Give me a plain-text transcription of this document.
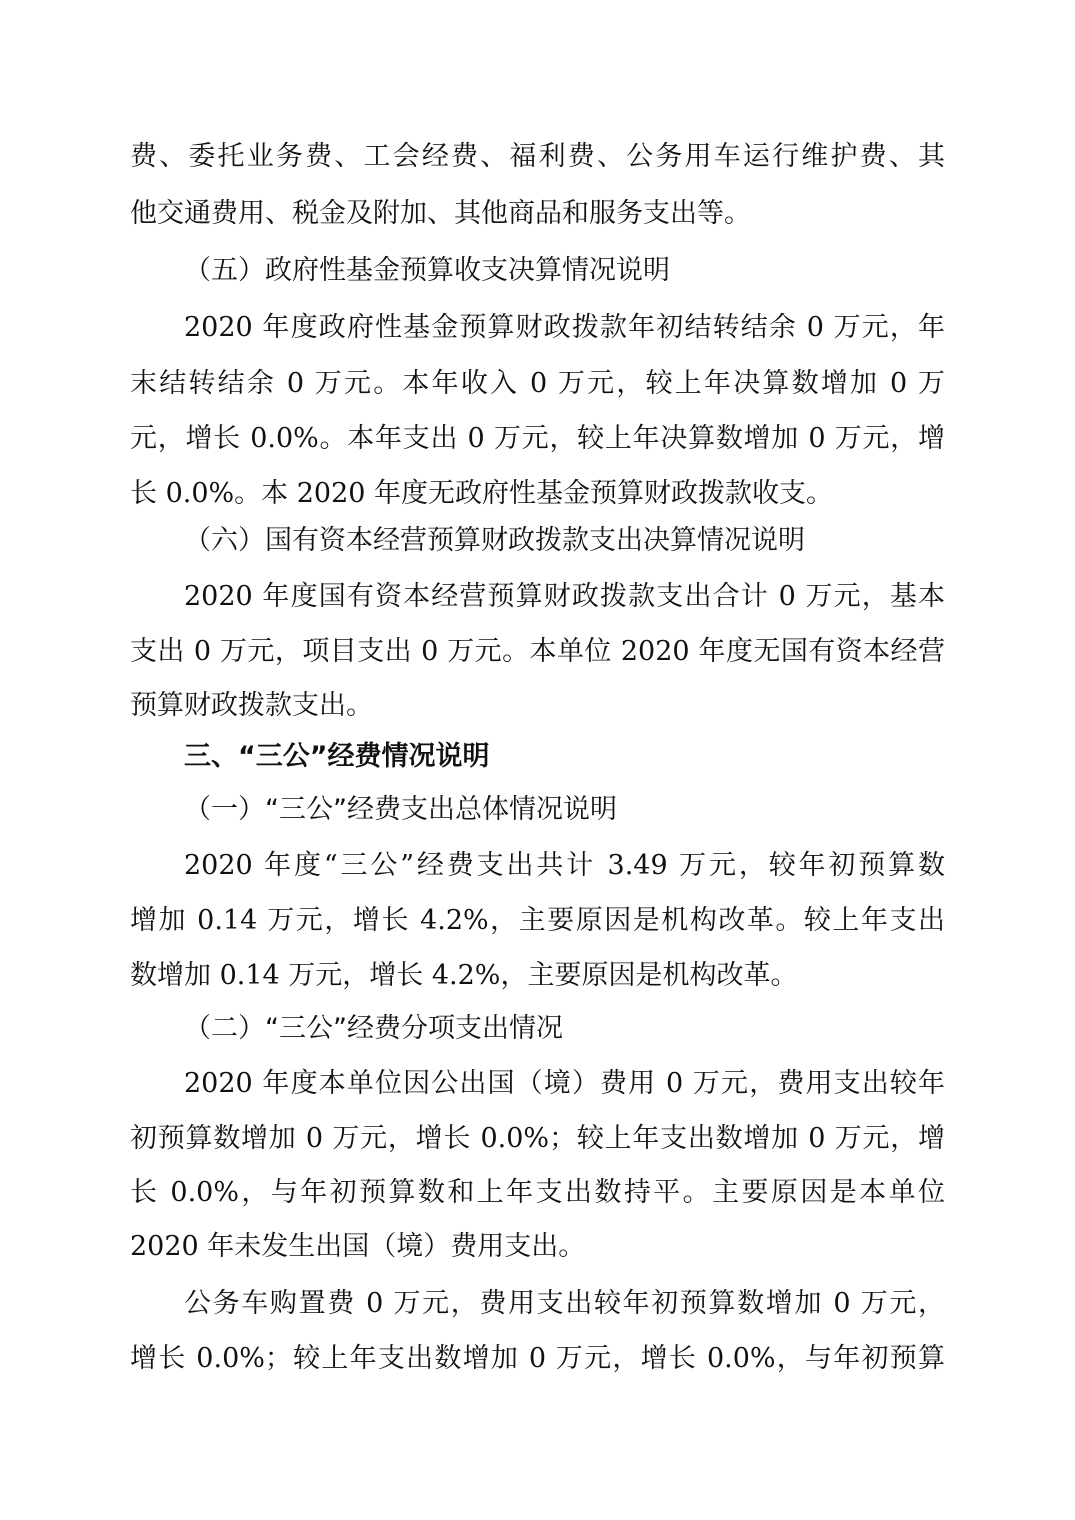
费、委托业务费、工会经费、福利费、公务用车运行维护费、其
他交通费用、税金及附加、其他商品和服务支出等。
（五）政府性基金预算收支决算情况说明
2020 年度政府性基金预算财政拨款年初结转结余 0 万元，年
末结转结余 0 万元。本年收入 0 万元，较上年决算数增加 0 万
元，增长 0.0%。本年支出 0 万元，较上年决算数增加 0 万元，增
长 0.0%。本 2020 年度无政府性基金预算财政拨款收支。
（六）国有资本经营预算财政拨款支出决算情况说明
2020 年度国有资本经营预算财政拨款支出合计 0 万元，基本
支出 0 万元，项目支出 0 万元。本单位 2020 年度无国有资本经营
预算财政拨款支出。
三、“三公”经费情况说明
（一）“三公”经费支出总体情况说明
2020 年度“三公”经费支出共计 3.49 万元，较年初预算数
增加 0.14 万元，增长 4.2%，主要原因是机构改革。较上年支出
数增加 0.14 万元，增长 4.2%，主要原因是机构改革。
（二）“三公”经费分项支出情况
2020 年度本单位因公出国（境）费用 0 万元，费用支出较年
初预算数增加 0 万元，增长 0.0%；较上年支出数增加 0 万元，增
长 0.0%，与年初预算数和上年支出数持平。主要原因是本单位
2020 年未发生出国（境）费用支出。
公务车购置费 0 万元，费用支出较年初预算数增加 0 万元，
增长 0.0%；较上年支出数增加 0 万元，增长 0.0%，与年初预算
